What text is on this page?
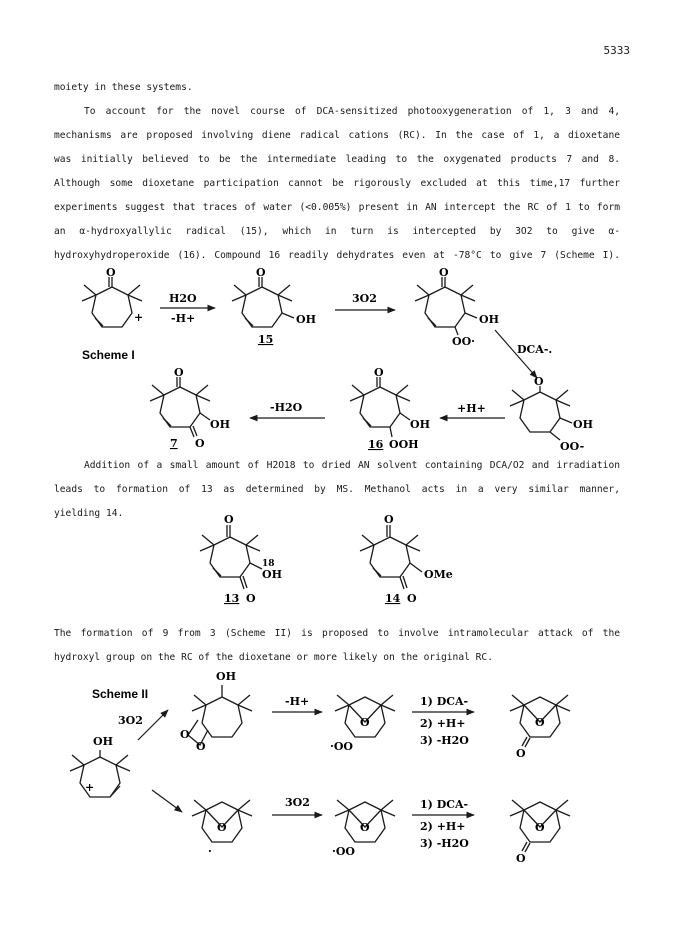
5333
moiety in these systems.
To account for the novel course of DCA-sensitized photooxygeneration of 1, 3 and 4,
mechanisms are proposed involving diene radical cations (RC). In the case of 1, a dioxetane
was initially believed to be the intermediate leading to the oxygenated products 7 and 8.
Although some dioxetane participation cannot be rigorously excluded at this time,17 further
experiments suggest that traces of water (<0.005%) present in AN intercept the RC of 1 to form
an α-hydroxyallylic radical (15), which in turn is intercepted by 3O2 to give α-
hydroxyhydroperoxide (16). Compound 16 readily dehydrates even at -78°C to give 7 (Scheme I).
Addition of a small amount of H2O18 to dried AN solvent containing DCA/O2 and irradiation
leads to formation of 13 as determined by MS. Methanol acts in a very similar manner,
yielding 14.
The formation of 9 from 3 (Scheme II) is proposed to involve intramolecular attack of the
hydroxyl group on the RC of the dioxetane or more likely on the original RC.
Scheme I
O
+
H2O
-H+
O
OH
15
3O2
O
OH
OO·
DCA-.
O
OH
OO-
+H+
O
OH
OOH
16
-H2O
O
OH
O
7
O
18
OH
O
13
O
OMe
O
14
Scheme II
OH
+
3O2
OH
O
O
-H+
O
·OO
1) DCA-
2) +H+
3) -H2O
O
O
O
·
3O2
O
·OO
1) DCA-
2) +H+
3) -H2O
O
O
